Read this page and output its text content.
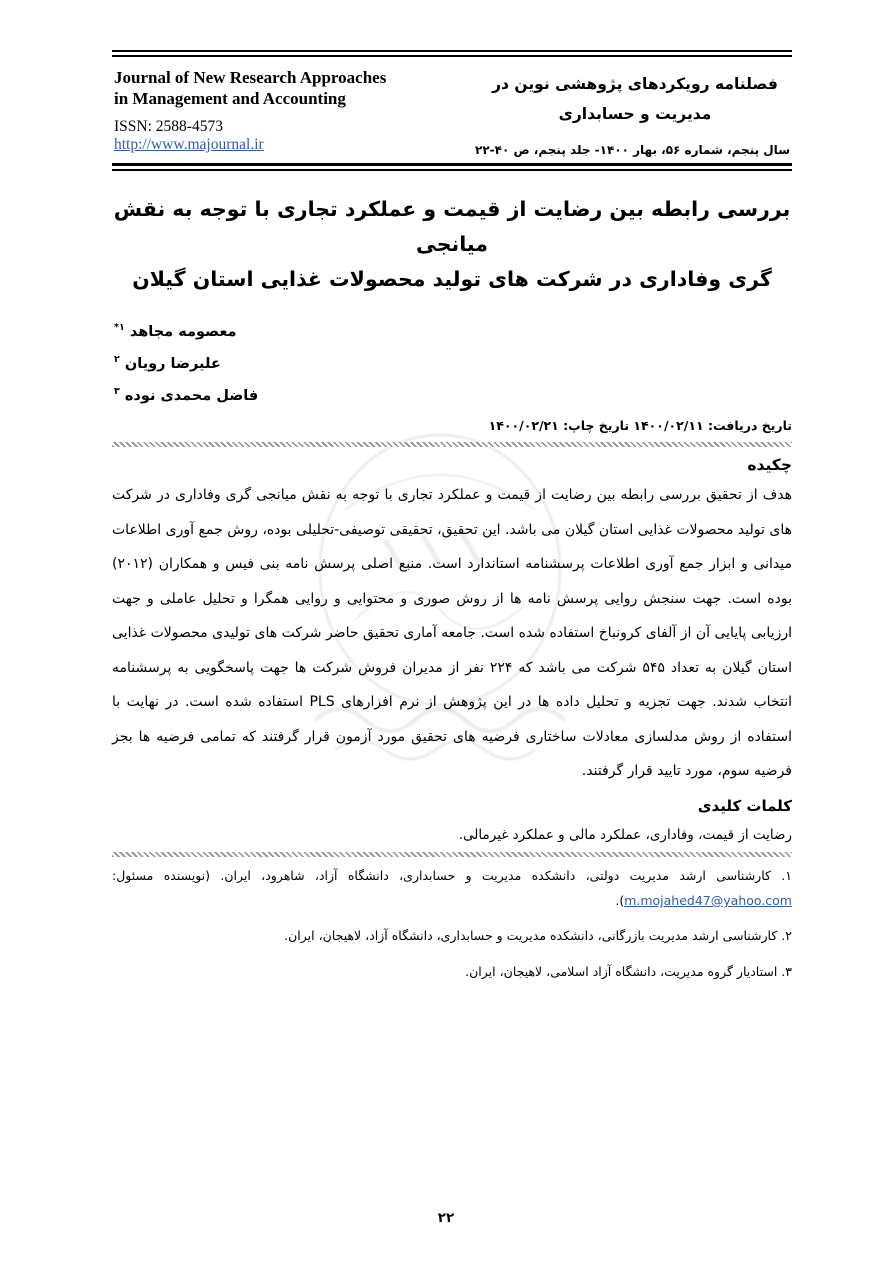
Journal of New Research Approaches
in Management and Accounting
ISSN: 2588-4573
http://www.majournal.ir
فصلنامه رویکردهای پژوهشی نوین در
مدیریت و حسابداری
سال پنجم، شماره ۵۶، بهار ۱۴۰۰- جلد پنجم، ص ۴۰-۲۲
بررسی رابطه بین رضایت از قیمت و عملکرد تجاری با توجه به نقش میانجی
گری وفاداری در شرکت های تولید محصولات غذایی استان گیلان
معصومه مجاهد $^{۱*}$
علیرضا رویان $^۲$
فاضل محمدی نوده $^۳$
تاریخ دریافت: ۱۴۰۰/۰۲/۱۱ تاریخ چاپ: ۱۴۰۰/۰۲/۲۱
چکیده
هدف از تحقیق بررسی رابطه بین رضایت از قیمت و عملکرد تجاری با توجه به نقش میانجی گری وفاداری در شرکت های تولید محصولات غذایی استان گیلان می باشد. این تحقیق، تحقیقی توصیفی-تحلیلی بوده، روش جمع آوری اطلاعات میدانی و ابزار جمع آوری اطلاعات پرسشنامه استاندارد است. منبع اصلی پرسش نامه بنی فیس و همکاران (۲۰۱۲) بوده است. جهت سنجش روایی پرسش نامه ها از روش صوری و محتوایی و روایی همگرا و تحلیل عاملی و جهت ارزیابی پایایی آن از آلفای کرونباخ استفاده شده است. جامعه آماری تحقیق حاضر شرکت های تولیدی محصولات غذایی استان گیلان به تعداد ۵۴۵ شرکت می باشد که ۲۲۴ نفر از مدیران فروش شرکت ها جهت پاسخگویی به پرسشنامه انتخاب شدند. جهت تجزیه و تحلیل داده ها در این پژوهش از نرم افزارهای PLS استفاده شده است. در نهایت با استفاده از روش مدلسازی معادلات ساختاری فرضیه های تحقیق مورد آزمون قرار گرفتند که تمامی فرضیه ها بجز فرضیه سوم، مورد تایید قرار گرفتند.
کلمات کلیدی
رضایت از قیمت، وفاداری، عملکرد مالی و عملکرد غیرمالی.
۱. کارشناسی ارشد مدیریت دولتی، دانشکده مدیریت و حسابداری، دانشگاه آزاد، شاهرود، ایران. (نویسنده مسئول:
m.mojahed47@yahoo.com).
۲. کارشناسی ارشد مدیریت بازرگانی، دانشکده مدیریت و حسابداری، دانشگاه آزاد، لاهیجان، ایران.
۳. استادیار گروه مدیریت، دانشگاه آزاد اسلامی، لاهیجان، ایران.
۲۲
